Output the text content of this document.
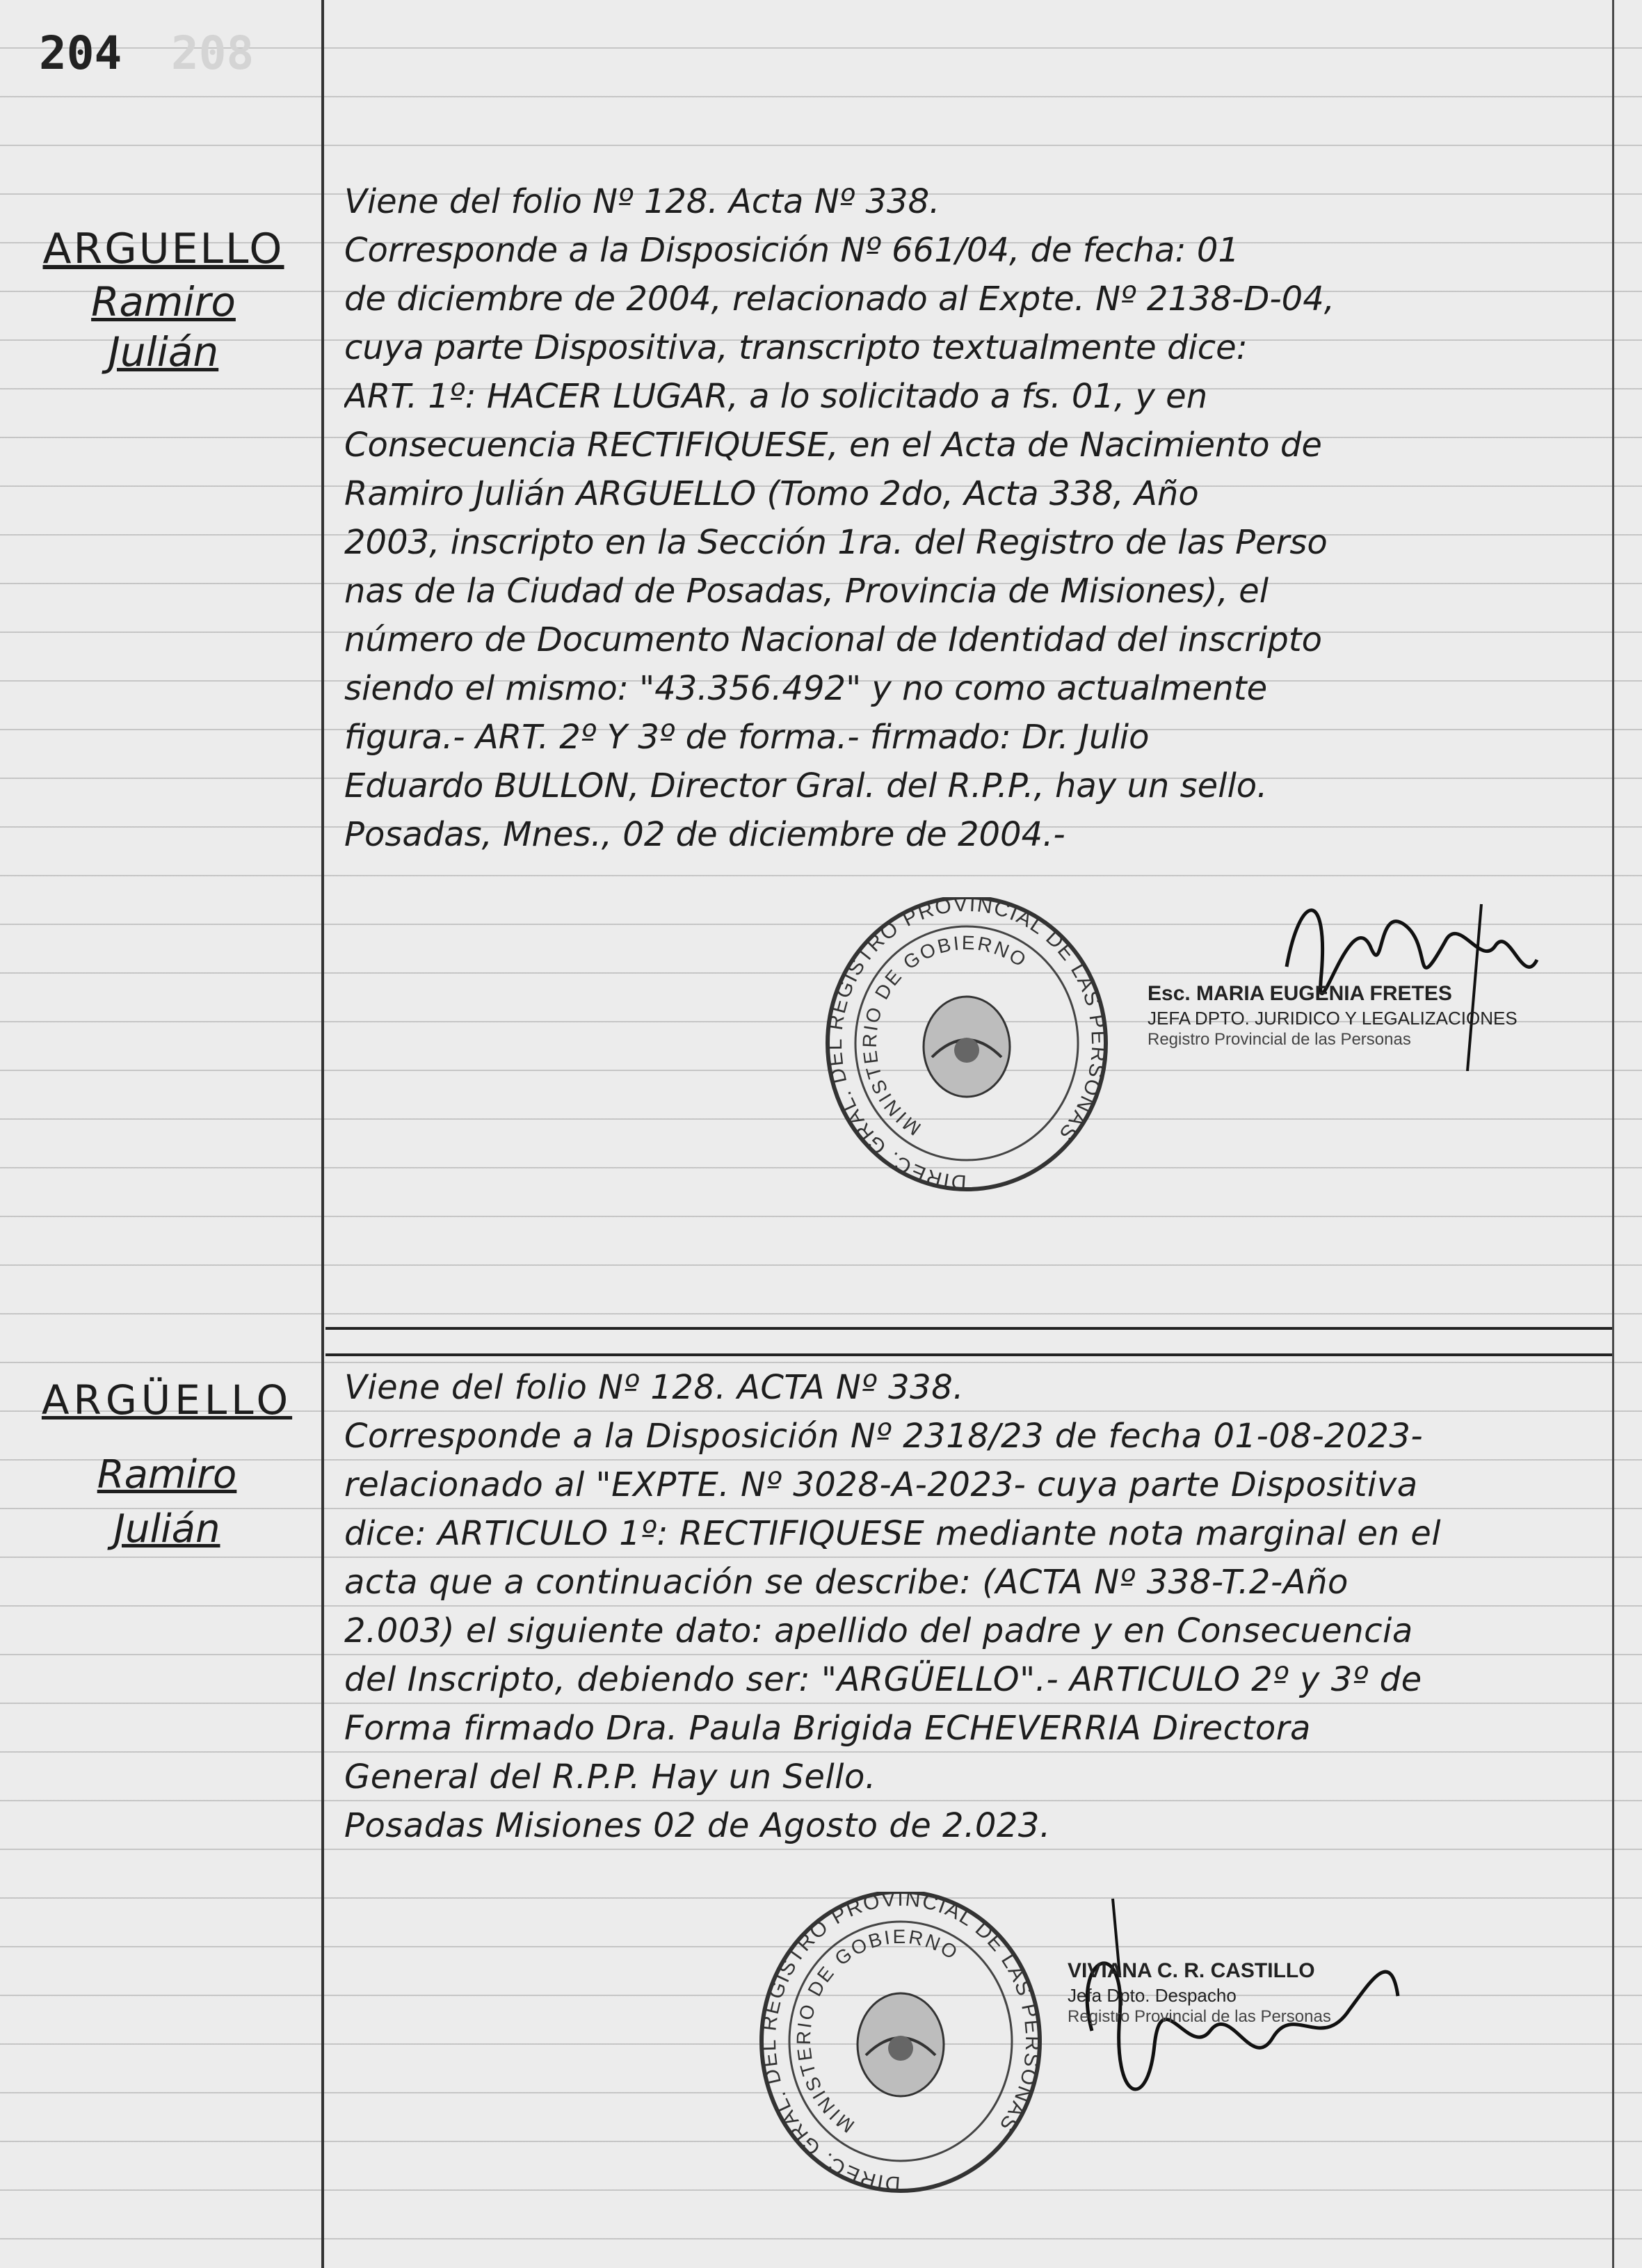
204 208
ARGUELLO
Ramiro
Julián
Viene del folio Nº 128. Acta Nº 338.
Corresponde a la Disposición Nº 661/04, de fecha: 01
de diciembre de 2004, relacionado al Expte. Nº 2138-D-04,
cuya parte Dispositiva, transcripto textualmente dice:
ART. 1º: HACER LUGAR, a lo solicitado a fs. 01, y en
Consecuencia RECTIFIQUESE, en el Acta de Nacimiento de
Ramiro Julián ARGUELLO (Tomo 2do, Acta 338, Año
2003, inscripto en la Sección 1ra. del Registro de las Perso
nas de la Ciudad de Posadas, Provincia de Misiones), el
número de Documento Nacional de Identidad del inscripto
siendo el mismo: "43.356.492" y no como actualmente
figura.- ART. 2º Y 3º de forma.- firmado: Dr. Julio
Eduardo BULLON, Director Gral. del R.P.P., hay un sello.
Posadas, Mnes., 02 de diciembre de 2004.-
DIREC. GRAL. DEL REGISTRO PROVINCIAL DE LAS PERSONAS
MINISTERIO DE GOBIERNO
Esc. MARIA EUGENIA FRETES
JEFA DPTO. JURIDICO Y LEGALIZACIONES
Registro Provincial de las Personas
ARGÜELLO
Ramiro
Julián
Viene del folio Nº 128. ACTA Nº 338.
Corresponde a la Disposición Nº 2318/23 de fecha 01-08-2023-
relacionado al "EXPTE. Nº 3028-A-2023- cuya parte Dispositiva
dice: ARTICULO 1º: RECTIFIQUESE mediante nota marginal en el
acta que a continuación se describe: (ACTA Nº 338-T.2-Año
2.003) el siguiente dato: apellido del padre y en Consecuencia
del Inscripto, debiendo ser: "ARGÜELLO".- ARTICULO 2º y 3º de
Forma firmado Dra. Paula Brigida ECHEVERRIA Directora
General del R.P.P. Hay un Sello.
Posadas Misiones 02 de Agosto de 2.023.
DIREC. GRAL. DEL REGISTRO PROVINCIAL DE LAS PERSONAS
MINISTERIO DE GOBIERNO
VIVIANA C. R. CASTILLO
Jefa Dpto. Despacho
Registro Provincial de las Personas
